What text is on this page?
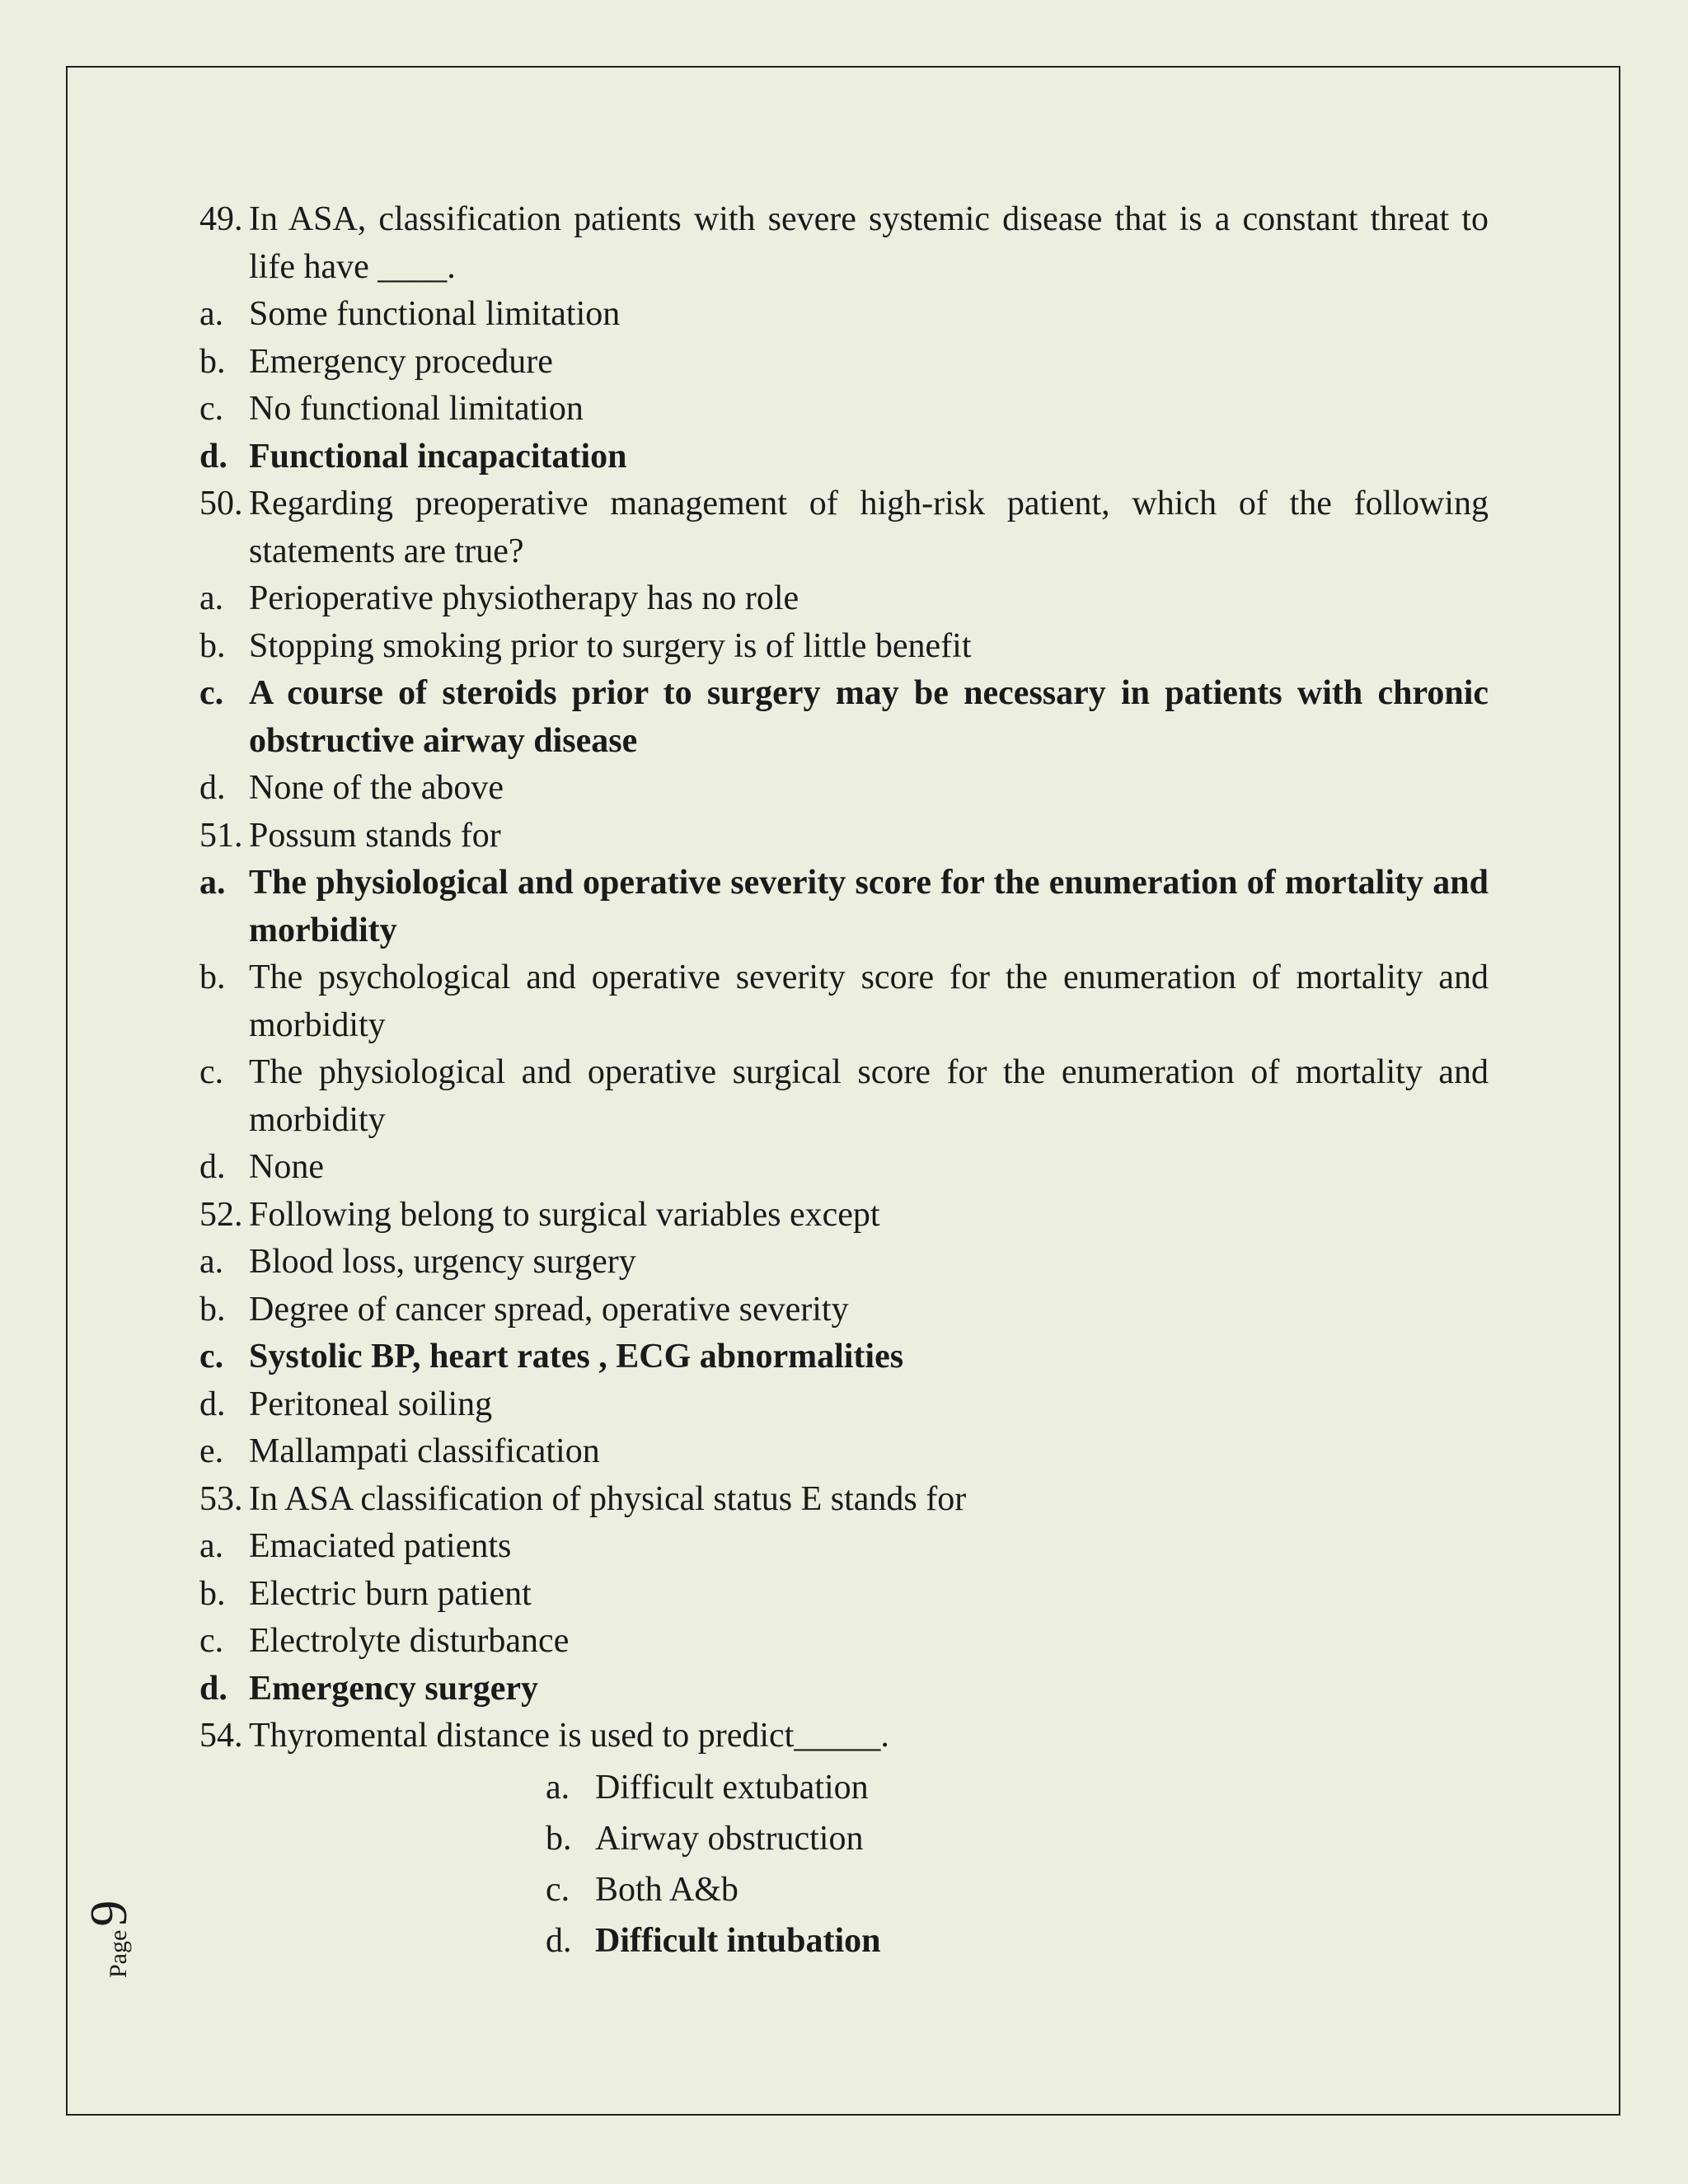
49. In ASA, classification patients with severe systemic disease that is a constant threat to life have ____.
a. Some functional limitation
b. Emergency procedure
c. No functional limitation
d. Functional incapacitation
50. Regarding preoperative management of high-risk patient, which of the following statements are true?
a. Perioperative physiotherapy has no role
b. Stopping smoking prior to surgery is of little benefit
c. A course of steroids prior to surgery may be necessary in patients with chronic obstructive airway disease
d. None of the above
51. Possum stands for
a. The physiological and operative severity score for the enumeration of mortality and morbidity
b. The psychological and operative severity score for the enumeration of mortality and morbidity
c. The physiological and operative surgical score for the enumeration of mortality and morbidity
d. None
52. Following belong to surgical variables except
a. Blood loss, urgency surgery
b. Degree of cancer spread, operative severity
c. Systolic BP, heart rates , ECG abnormalities
d. Peritoneal soiling
e. Mallampati classification
53. In ASA classification of physical status E stands for
a. Emaciated patients
b. Electric burn patient
c. Electrolyte disturbance
d. Emergency surgery
54. Thyromental distance is used to predict_____.
a. Difficult extubation
b. Airway obstruction
c. Both A&b
d. Difficult intubation
Page
9
